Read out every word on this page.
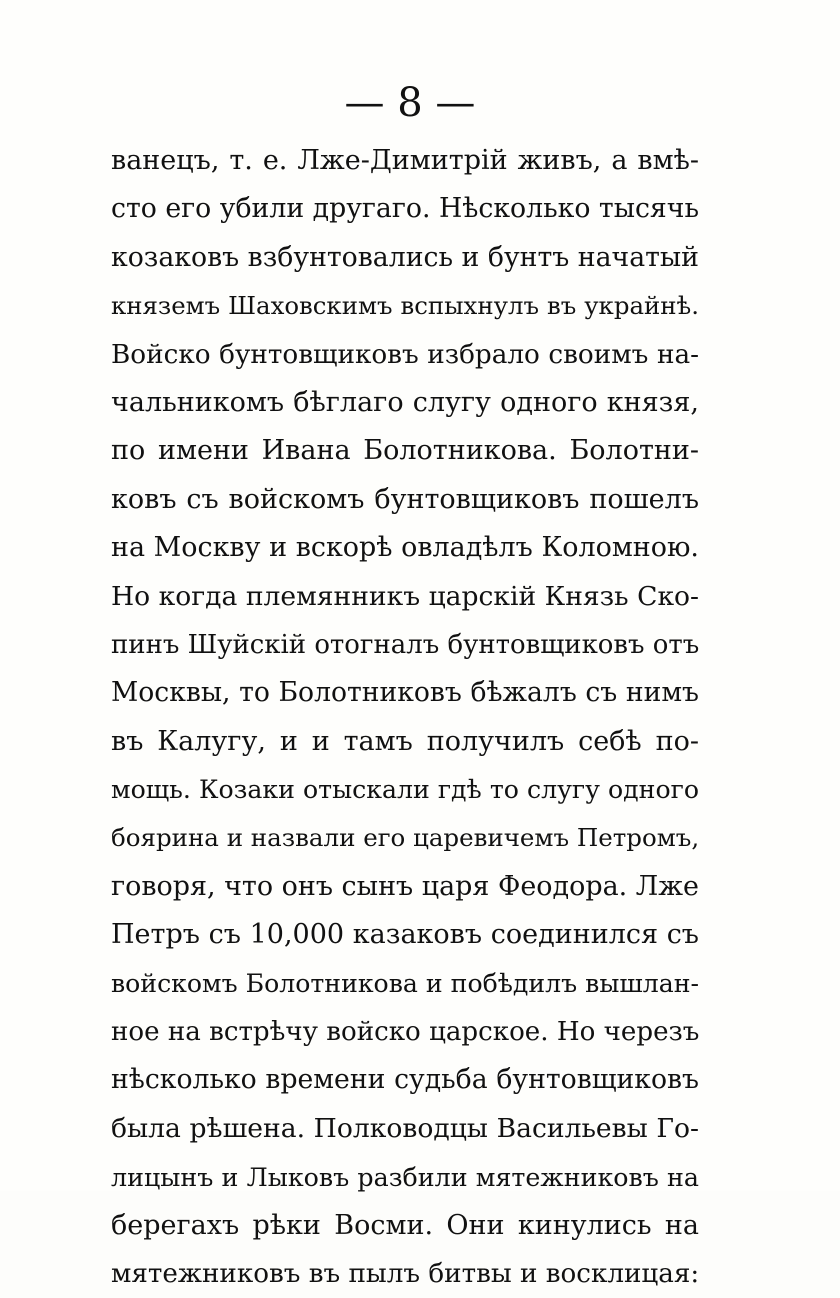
— 8 —
ванецъ, т. е. Лже-Димитрій живъ, а вмѣ-
сто его убили другаго. Нѣсколько тысячь
козаковъ взбунтовались и бунтъ начатый
княземъ Шаховскимъ вспыхнулъ въ украйнѣ.
Войско бунтовщиковъ избрало своимъ на-
чальникомъ бѣглаго слугу одного князя,
по имени Ивана Болотникова. Болотни-
ковъ съ войскомъ бунтовщиковъ пошелъ
на Москву и вскорѣ овладѣлъ Коломною.
Но когда племянникъ царскій Князь Ско-
пинъ Шуйскій отогналъ бунтовщиковъ отъ
Москвы, то Болотниковъ бѣжалъ съ нимъ
въ Калугу, и и тамъ получилъ себѣ по-
мощь. Козаки отыскали гдѣ то слугу одного
боярина и назвали его царевичемъ Петромъ,
говоря, что онъ сынъ царя Феодора. Лже
Петръ съ 10,000 казаковъ соединился съ
войскомъ Болотникова и побѣдилъ вышлан-
ное на встрѣчу войско царское. Но черезъ
нѣсколько времени судьба бунтовщиковъ
была рѣшена. Полководцы Васильевы Го-
лицынъ и Лыковъ разбили мятежниковъ на
берегахъ рѣки Восми. Они кинулись на
мятежниковъ въ пылъ битвы и восклицая:
